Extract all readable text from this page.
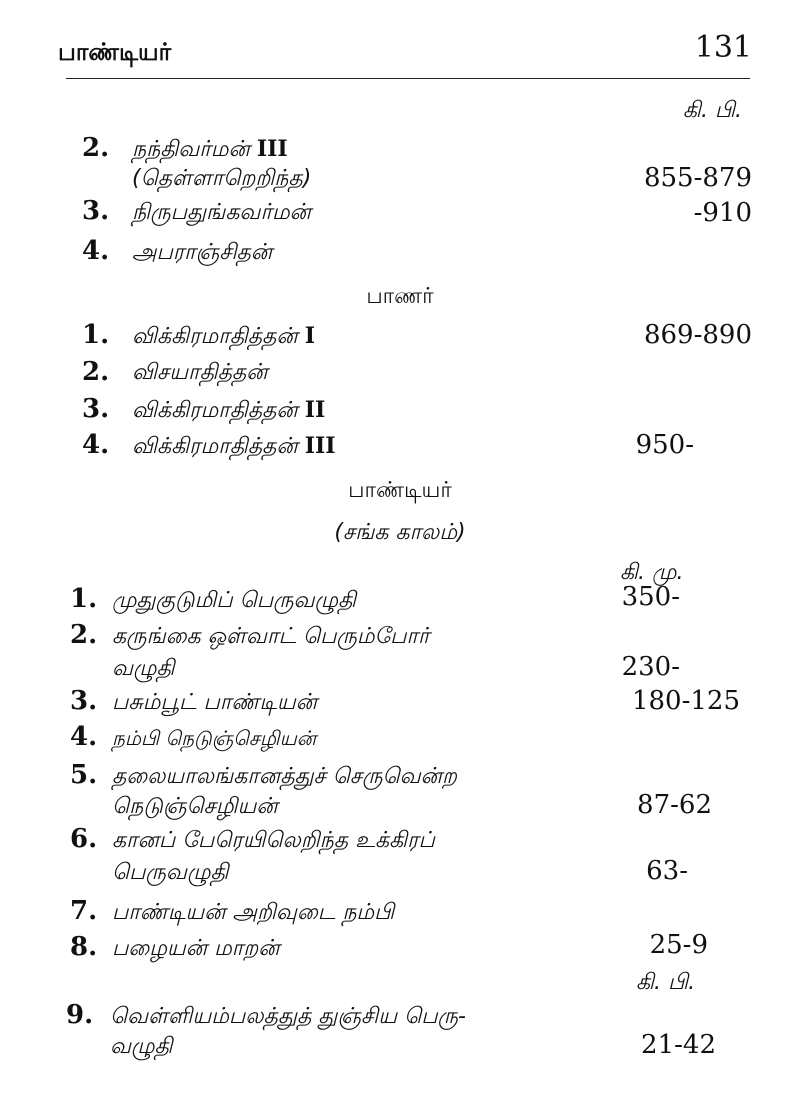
பாண்டியர்	131
கி. பி.
2. நந்திவர்மன் III
(தெள்ளாறெறிந்த)	855-879
3. நிருபதுங்கவர்மன்	-910
4. அபராஞ்சிதன்
பாணர்
1. விக்கிரமாதித்தன் I	869-890
2. விசயாதித்தன்
3. விக்கிரமாதித்தன் II
4. விக்கிரமாதித்தன் III	950-
பாண்டியர்
(சங்க காலம்)
கி. மு.
1. முதுகுடுமிப் பெருவழுதி	350-
2. கருங்கை ஒள்வாட் பெரும்போர்
வழுதி	230-
3. பசும்பூட் பாண்டியன்	180-125
4. நம்பி நெடுஞ்செழியன்
5. தலையாலங்கானத்துச் செருவென்ற
நெடுஞ்செழியன்	87-62
6. கானப் பேரெயிலெறிந்த உக்கிரப்
பெருவழுதி	63-
7. பாண்டியன் அறிவுடை நம்பி
8. பழையன் மாறன்	25-9
கி. பி.
9. வெள்ளியம்பலத்துத் துஞ்சிய பெரு-
வழுதி	21-42
